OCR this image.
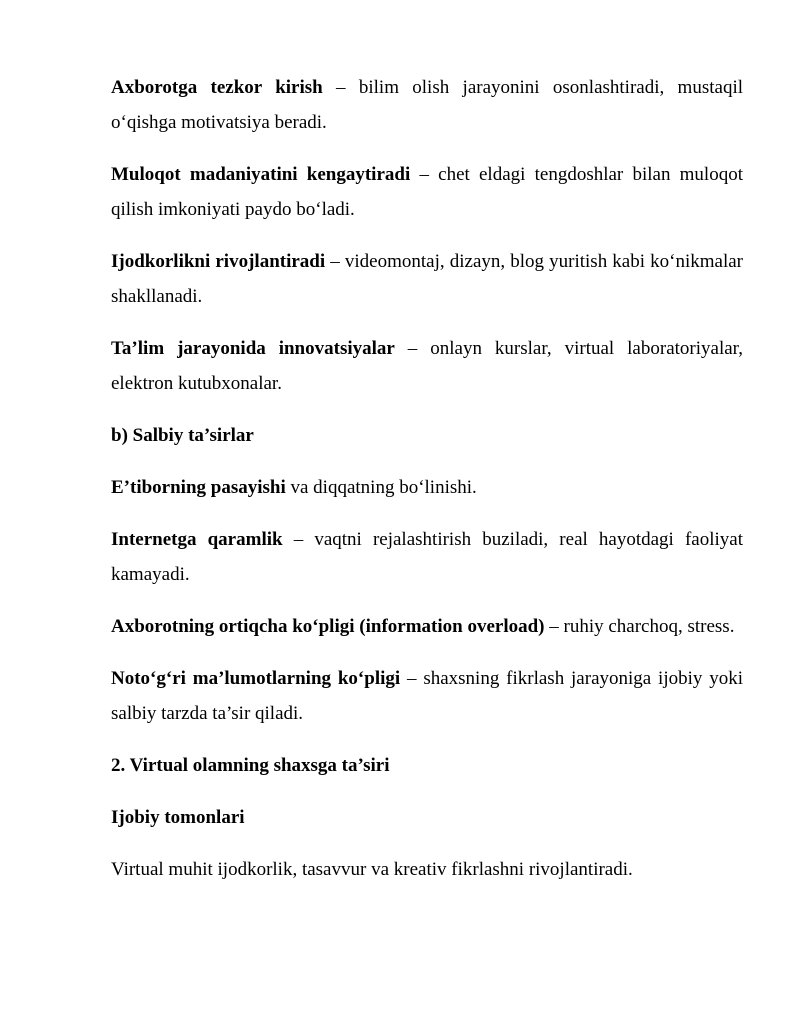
Axborotga tezkor kirish – bilim olish jarayonini osonlashtiradi, mustaqil o‘qishga motivatsiya beradi.

Muloqot madaniyatini kengaytiradi – chet eldagi tengdoshlar bilan muloqot qilish imkoniyati paydo bo‘ladi.

Ijodkorlikni rivojlantiradi – videomontaj, dizayn, blog yuritish kabi ko‘nikmalar shakllanadi.

Ta’lim jarayonida innovatsiyalar – onlayn kurslar, virtual laboratoriyalar, elektron kutubxonalar.

b) Salbiy ta’sirlar

E’tiborning pasayishi va diqqatning bo‘linishi.

Internetga qaramlik – vaqtni rejalashtirish buziladi, real hayotdagi faoliyat kamayadi.

Axborotning ortiqcha ko‘pligi (information overload) – ruhiy charchoq, stress.

Noto‘g‘ri ma’lumotlarning ko‘pligi – shaxsning fikrlash jarayoniga ijobiy yoki salbiy tarzda ta’sir qiladi.

2. Virtual olamning shaxsga ta’siri

Ijobiy tomonlari

Virtual muhit ijodkorlik, tasavvur va kreativ fikrlashni rivojlantiradi.
